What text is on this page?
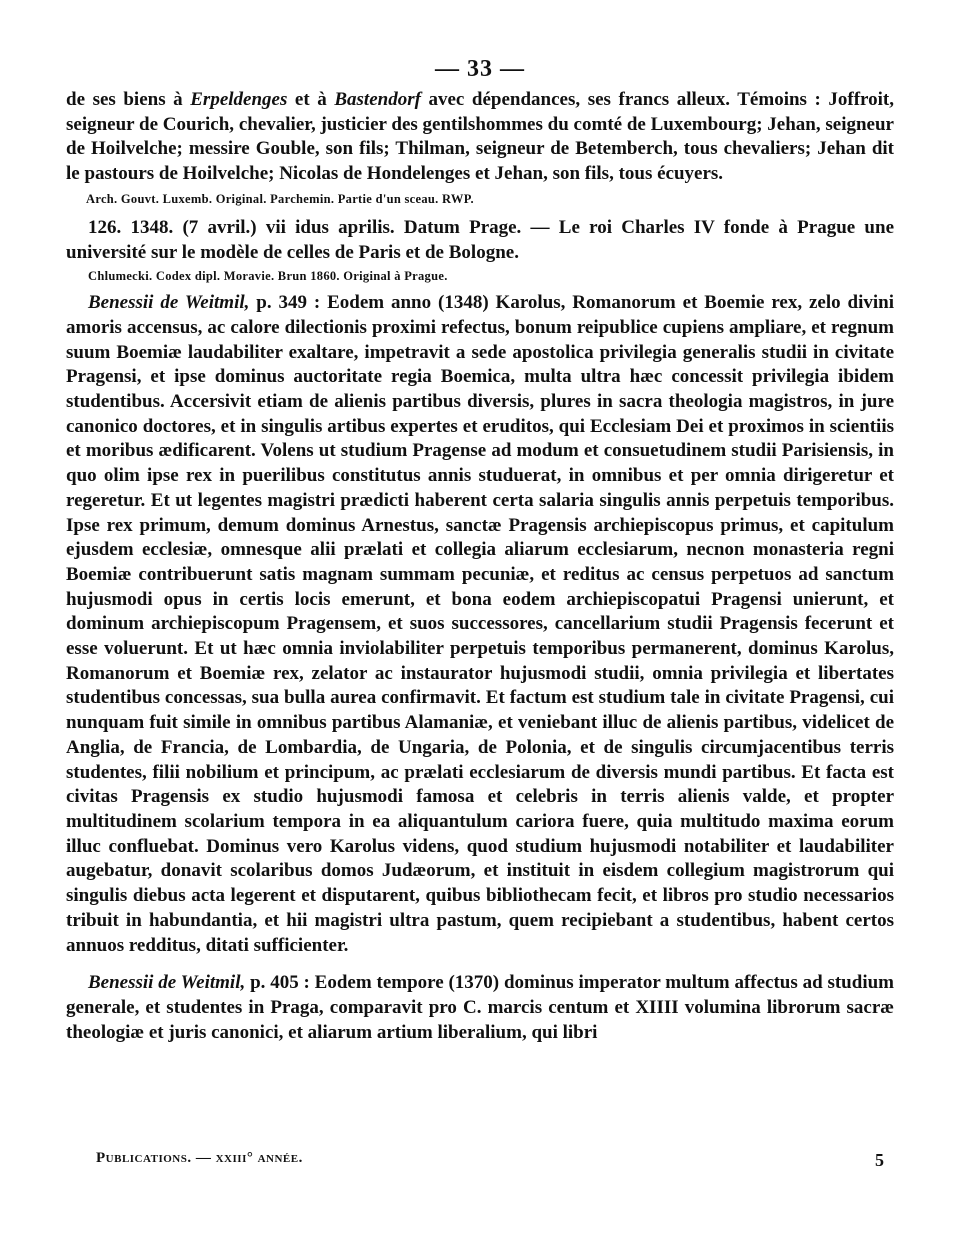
— 33 —

de ses biens à Erpeldenges et à Bastendorf avec dépendances, ses francs alleux. Témoins : Joffroit, seigneur de Courich, chevalier, justicier des gentilshommes du comté de Luxembourg; Jehan, seigneur de Hoilvelche; messire Gouble, son fils; Thilman, seigneur de Betemberch, tous chevaliers; Jehan dit le pastours de Hoilvelche; Nicolas de Hondelenges et Jehan, son fils, tous écuyers.

Arch. Gouvt. Luxemb. Original. Parchemin. Partie d'un sceau. RWP.

126. 1348. (7 avril.) vii idus aprilis. Datum Prage. — Le roi Charles IV fonde à Prague une université sur le modèle de celles de Paris et de Bologne.

Chlumecki. Codex dipl. Moravie. Brun 1860. Original à Prague.

Benessii de Weitmil, p. 349 : Eodem anno (1348) Karolus, Romanorum et Boemie rex, zelo divini amoris accensus, ac calore dilectionis proximi refectus, bonum reipublice cupiens ampliare, et regnum suum Boemiæ laudabiliter exaltare, impetravit a sede apostolica privilegia generalis studii in civitate Pragensi, et ipse dominus auctoritate regia Boemica, multa ultra hæc concessit privilegia ibidem studentibus. Accersivit etiam de alienis partibus diversis, plures in sacra theologia magistros, in jure canonico doctores, et in singulis artibus expertes et eruditos, qui Ecclesiam Dei et proximos in scientiis et moribus ædificarent. Volens ut studium Pragense ad modum et consuetudinem studii Parisiensis, in quo olim ipse rex in puerilibus constitutus annis studuerat, in omnibus et per omnia dirigeretur et regeretur. Et ut legentes magistri prædicti haberent certa salaria singulis annis perpetuis temporibus. Ipse rex primum, demum dominus Arnestus, sanctæ Pragensis archiepiscopus primus, et capitulum ejusdem ecclesiæ, omnesque alii prælati et collegia aliarum ecclesiarum, necnon monasteria regni Boemiæ contribuerunt satis magnam summam pecuniæ, et reditus ac census perpetuos ad sanctum hujusmodi opus in certis locis emerunt, et bona eodem archiepiscopatui Pragensi unierunt, et dominum archiepiscopum Pragensem, et suos successores, cancellarium studii Pragensis fecerunt et esse voluerunt. Et ut hæc omnia inviolabiliter perpetuis temporibus permanerent, dominus Karolus, Romanorum et Boemiæ rex, zelator ac instaurator hujusmodi studii, omnia privilegia et libertates studentibus concessas, sua bulla aurea confirmavit. Et factum est studium tale in civitate Pragensi, cui nunquam fuit simile in omnibus partibus Alamaniæ, et veniebant illuc de alienis partibus, videlicet de Anglia, de Francia, de Lombardia, de Ungaria, de Polonia, et de singulis circumjacentibus terris studentes, filii nobilium et principum, ac prælati ecclesiarum de diversis mundi partibus. Et facta est civitas Pragensis ex studio hujusmodi famosa et celebris in terris alienis valde, et propter multitudinem scolarium tempora in ea aliquantulum cariora fuere, quia multitudo maxima eorum illuc confluebat. Dominus vero Karolus videns, quod studium hujusmodi notabiliter et laudabiliter augebatur, donavit scolaribus domos Judæorum, et instituit in eisdem collegium magistrorum qui singulis diebus acta legerent et disputarent, quibus bibliothecam fecit, et libros pro studio necessarios tribuit in habundantia, et hii magistri ultra pastum, quem recipiebant a studentibus, habent certos annuos redditus, ditati sufficienter.

Benessii de Weitmil, p. 405 : Eodem tempore (1370) dominus imperator multum affectus ad studium generale, et studentes in Praga, comparavit pro C. marcis centum et XIIII volumina librorum sacræ theologiæ et juris canonici, et aliarum artium liberalium, qui libri

Publications. — xxiii° année.	5
